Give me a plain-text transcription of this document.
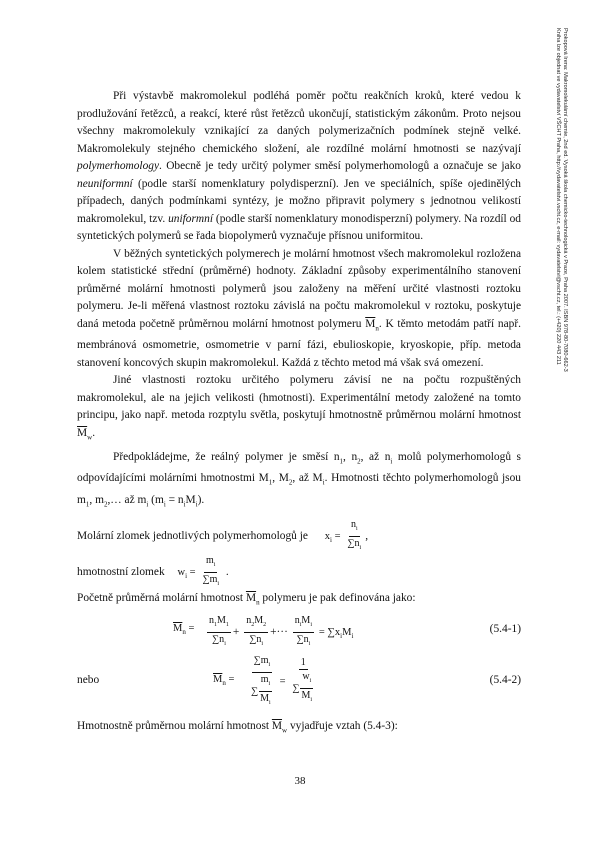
Prokopová Irena: Makromolekulární chemie, 2nd ed. Vysoká škola chemicko-technologická v Praze, Praha 2007. ISBN 978-80-7080-662-3
Kniha lze objednat ve vydavatelství VŠCHT Praha, http://vydavatelstvi.vscht.cz, e-mail: vydavatelstvi@vscht.cz, tel.: (+420) 220 443 211

Při výstavbě makromolekul podléhá poměr počtu reakčních kroků, které vedou k prodlužování řetězců, a reakcí, které růst řetězců ukončují, statistickým zákonům. Proto nejsou všechny makromolekuly vznikající za daných polymerizačních podmínek stejně velké. Makromolekuly stejného chemického složení, ale rozdílné molární hmotnosti se nazývají polymerhomology. Obecně je tedy určitý polymer směsí polymerhomologů a označuje se jako neuniformní (podle starší nomenklatury polydisperzní). Jen ve speciálních, spíše ojedinělých případech, daných podmínkami syntézy, je možno připravit polymery s jednotnou velikostí makromolekul, tzv. uniformní (podle starší nomenklatury monodisperzní) polymery. Na rozdíl od syntetických polymerů se řada biopolymerů vyznačuje přísnou uniformitou.

V běžných syntetických polymerech je molární hmotnost všech makromolekul rozložena kolem statistické střední (průměrné) hodnoty. Základní způsoby experimentálního stanovení průměrné molární hmotnosti polymerů jsou založeny na měření určité vlastnosti roztoku polymeru. Je-li měřená vlastnost roztoku závislá na počtu makromolekul v roztoku, poskytuje daná metoda početně průměrnou molární hmotnost polymeru $\overline{M}_n$. K těmto metodám patří např. membránová osmometrie, osmometrie v parní fázi, ebulioskopie, kryoskopie, příp. metoda stanovení koncových skupin makromolekul. Každá z těchto metod má však svá omezení.

Jiné vlastnosti roztoku určitého polymeru závisí ne na počtu rozpuštěných makromolekul, ale na jejich velikosti (hmotnosti). Experimentální metody založené na tomto principu, jako např. metoda rozptylu světla, poskytují hmotnostně průměrnou molární hmotnost $\overline{M}_w$.

Předpokládejme, že reálný polymer je směsí $n_1$, $n_2$, až $n_i$ molů polymerhomologů s odpovídajícími molárními hmotnostmi $M_1$, $M_2$, až $M_i$. Hmotnosti těchto polymerhomologů jsou $m_1$, $m_2,\dots$ až $m_i$ $(m_i = n_iM_i)$.

Molární zlomek jednotlivých polymerhomologů je $x_i = \frac{n_i}{\sum n_i}$ ,
hmotnostní zlomek $w_i = \frac{m_i}{\sum m_i}$ .

Početně průměrná molární hmotnost $\overline{M}_n$ polymeru je pak definována jako:

$\overline{M}_n = \frac{n_1M_1}{\sum n_i} + \frac{n_2M_2}{\sum n_i}$ +··· $\frac{n_iM_i}{\sum n_i} = \sum x_iM_i$
(5.4-1)
nebo	$\overline{M}_n = \frac{\sum m_i}{\sum \frac{m_i}{M_i}} = \frac{1}{\sum \frac{w_i}{M_i}}$	(5.4-2)

Hmotnostně průměrnou molární hmotnost $\overline{M}_w$ vyjadřuje vztah (5.4-3):

38
